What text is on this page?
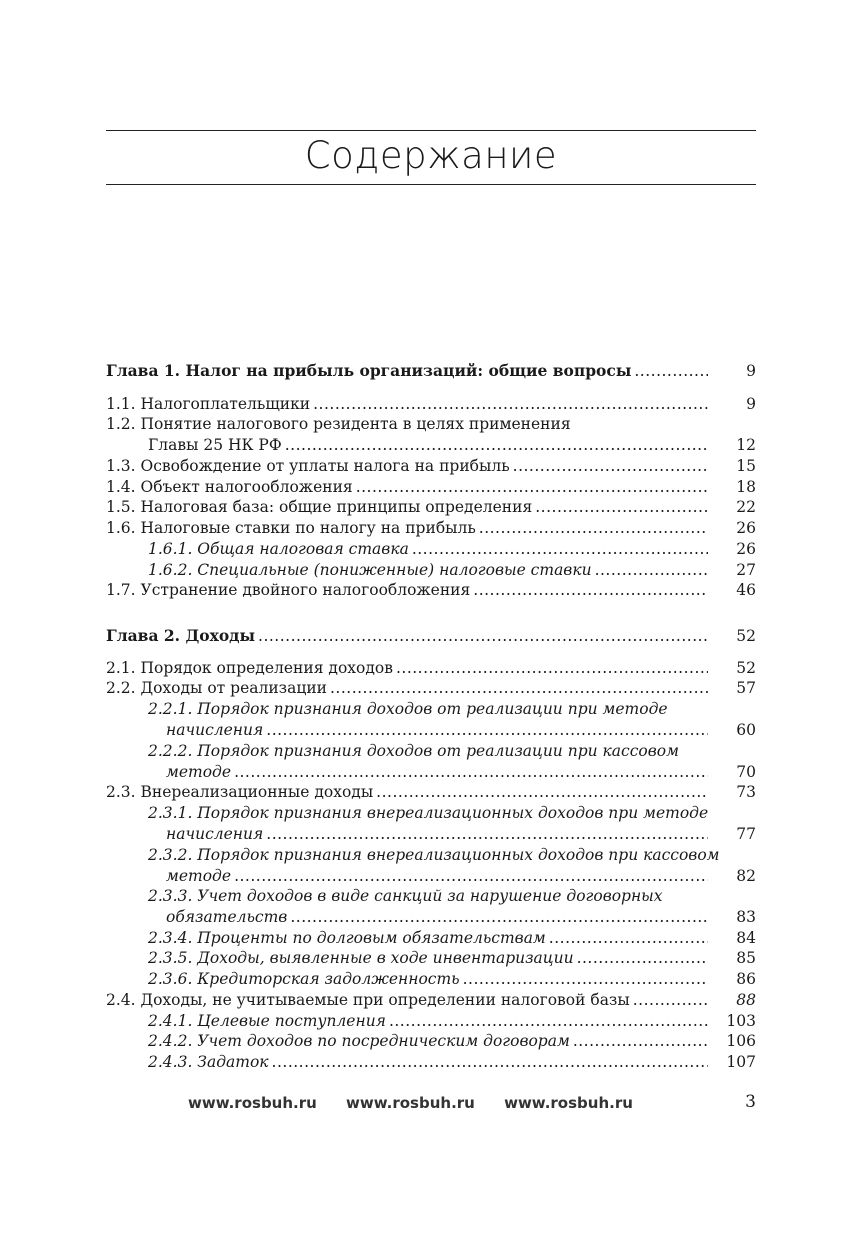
Содержание
Глава 1. Налог на прибыль организаций: общие вопросы .....	9
1.1. Налогоплательщики .....	9
1.2. Понятие налогового резидента в целях применения
Главы 25 НК РФ .....	12
1.3. Освобождение от уплаты налога на прибыль .....	15
1.4. Объект налогообложения .....	18
1.5. Налоговая база: общие принципы определения .....	22
1.6. Налоговые ставки по налогу на прибыль .....	26
1.6.1. Общая налоговая ставка .....	26
1.6.2. Специальные (пониженные) налоговые ставки .....	27
1.7. Устранение двойного налогообложения .....	46
Глава 2. Доходы .....	52
2.1. Порядок определения доходов .....	52
2.2. Доходы от реализации .....	57
2.2.1. Порядок признания доходов от реализации при методе
начисления .....	60
2.2.2. Порядок признания доходов от реализации при кассовом
методе .....	70
2.3. Внереализационные доходы .....	73
2.3.1. Порядок признания внереализационных доходов при методе
начисления .....	77
2.3.2. Порядок признания внереализационных доходов при кассовом
методе .....	82
2.3.3. Учет доходов в виде санкций за нарушение договорных
обязательств .....	83
2.3.4. Проценты по долговым обязательствам .....	84
2.3.5. Доходы, выявленные в ходе инвентаризации .....	85
2.3.6. Кредиторская задолженность .....	86
2.4. Доходы, не учитываемые при определении налоговой базы .....	88
2.4.1. Целевые поступления .....	103
2.4.2. Учет доходов по посредническим договорам .....	106
2.4.3. Задаток .....	107
www.rosbuh.ru www.rosbuh.ru www.rosbuh.ru	3
